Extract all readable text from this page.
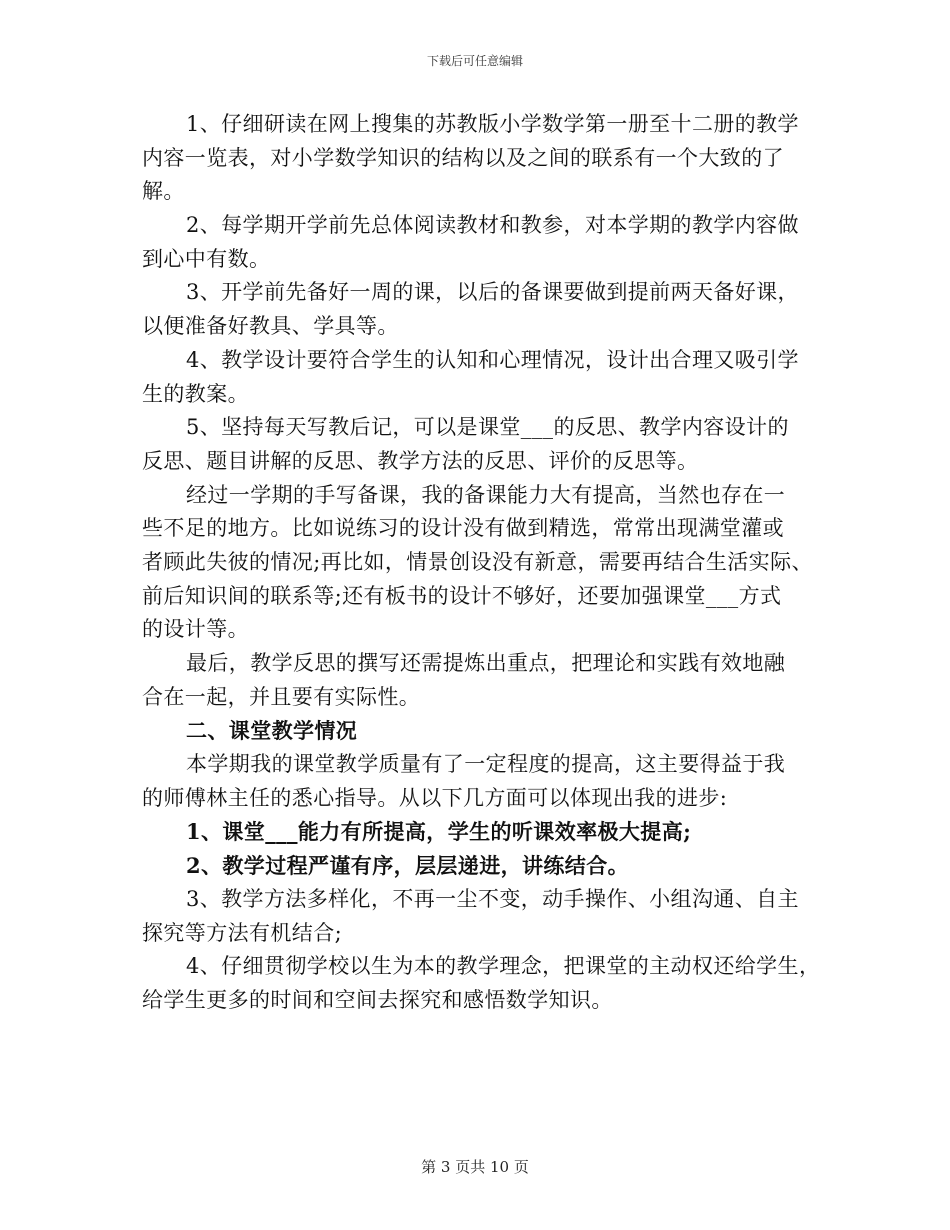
下载后可任意编辑
1、仔细研读在网上搜集的苏教版小学数学第一册至十二册的教学
内容一览表，对小学数学知识的结构以及之间的联系有一个大致的了
解。
2、每学期开学前先总体阅读教材和教参，对本学期的教学内容做
到心中有数。
3、开学前先备好一周的课，以后的备课要做到提前两天备好课，
以便准备好教具、学具等。
4、教学设计要符合学生的认知和心理情况，设计出合理又吸引学
生的教案。
5、坚持每天写教后记，可以是课堂___的反思、教学内容设计的
反思、题目讲解的反思、教学方法的反思、评价的反思等。
经过一学期的手写备课，我的备课能力大有提高，当然也存在一
些不足的地方。比如说练习的设计没有做到精选，常常出现满堂灌或
者顾此失彼的情况;再比如，情景创设没有新意，需要再结合生活实际、
前后知识间的联系等;还有板书的设计不够好，还要加强课堂___方式
的设计等。
最后，教学反思的撰写还需提炼出重点，把理论和实践有效地融
合在一起，并且要有实际性。
二、课堂教学情况
本学期我的课堂教学质量有了一定程度的提高，这主要得益于我
的师傅林主任的悉心指导。从以下几方面可以体现出我的进步:
1、课堂___能力有所提高，学生的听课效率极大提高;
2、教学过程严谨有序，层层递进，讲练结合。
3、教学方法多样化，不再一尘不变，动手操作、小组沟通、自主
探究等方法有机结合;
4、仔细贯彻学校以生为本的教学理念，把课堂的主动权还给学生，
给学生更多的时间和空间去探究和感悟数学知识。
第 3 页共 10 页
